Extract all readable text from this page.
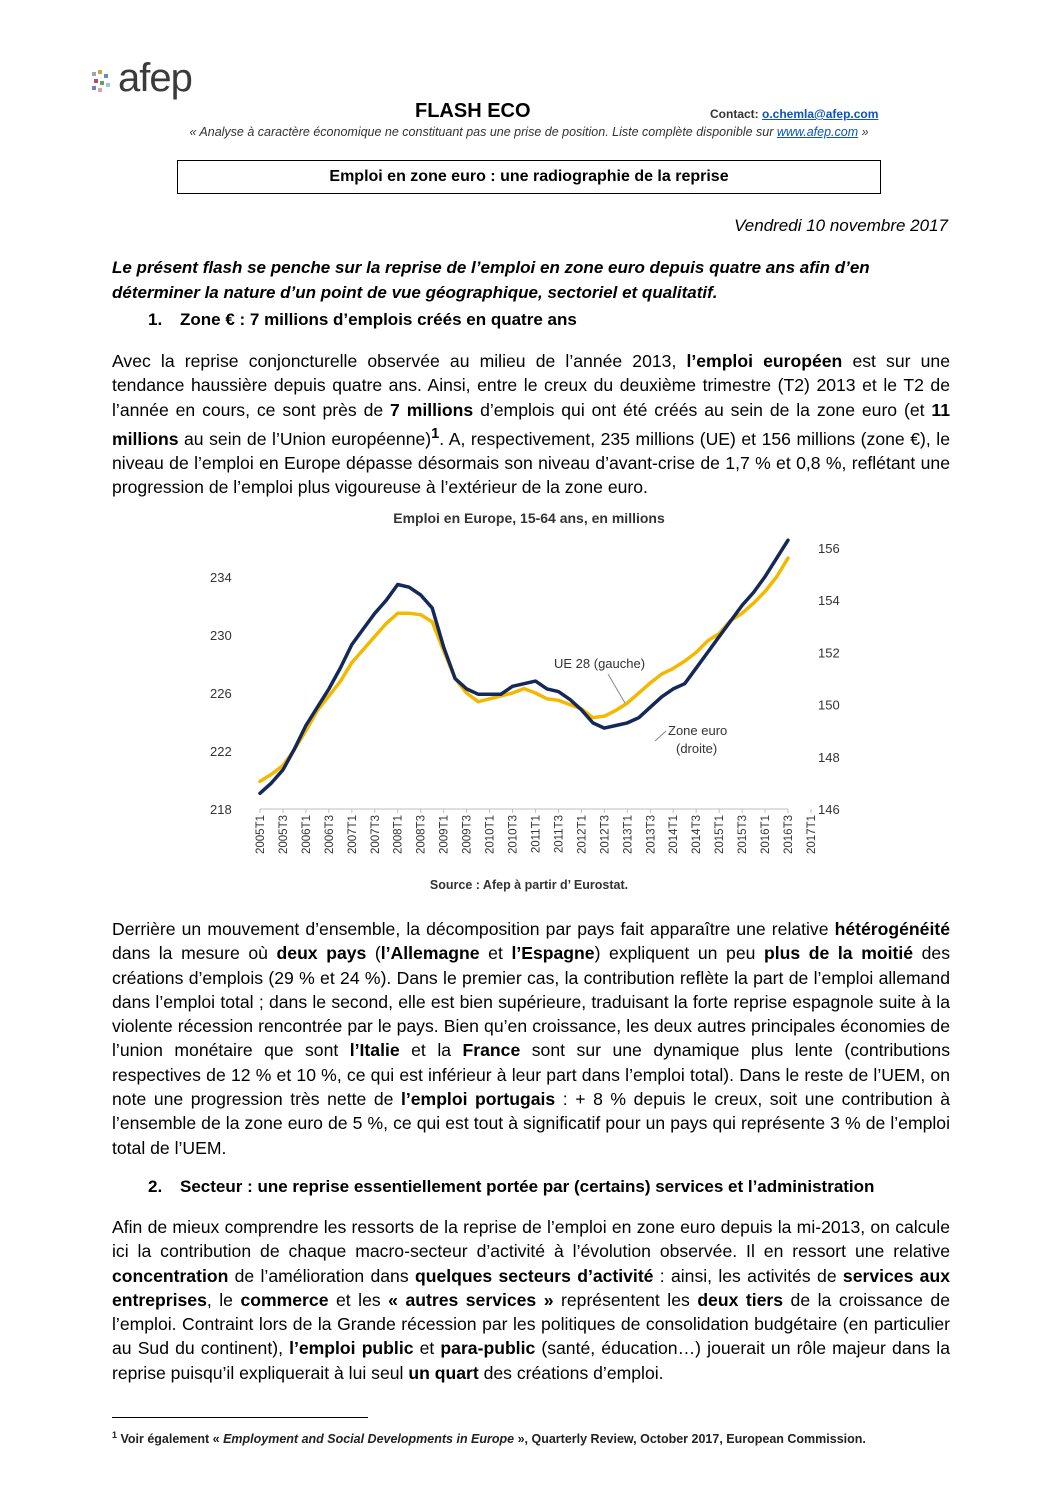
afep
FLASH ECO	Contact: o.chemla@afep.com
« Analyse à caractère économique ne constituant pas une prise de position. Liste complète disponible sur www.afep.com »
Emploi en zone euro : une radiographie de la reprise
Vendredi 10 novembre 2017
Le présent flash se penche sur la reprise de l’emploi en zone euro depuis quatre ans afin d’en déterminer la nature d’un point de vue géographique, sectoriel et qualitatif.
1. Zone € : 7 millions d’emplois créés en quatre ans
Avec la reprise conjoncturelle observée au milieu de l’année 2013, l’emploi européen est sur une tendance haussière depuis quatre ans. Ainsi, entre le creux du deuxième trimestre (T2) 2013 et le T2 de l’année en cours, ce sont près de 7 millions d’emplois qui ont été créés au sein de la zone euro (et 11 millions au sein de l’Union européenne)$^1$. A, respectivement, 235 millions (UE) et 156 millions (zone €), le niveau de l’emploi en Europe dépasse désormais son niveau d’avant-crise de 1,7 % et 0,8 %, reflétant une progression de l’emploi plus vigoureuse à l’extérieur de la zone euro.
Emploi en Europe, 15-64 ans, en millions
218
222
226
230
234
146
148
150
152
154
156
2005T1 2005T3 2006T1 2006T3 2007T1 2007T3 2008T1 2008T3 2009T1 2009T3 2010T1 2010T3 2011T1 2011T3 2012T1 2012T3 2013T1 2013T3 2014T1 2014T3 2015T1 2015T3 2016T1 2016T3 2017T1
UE 28 (gauche)
Zone euro
(droite)
Source : Afep à partir d’ Eurostat.
Derrière un mouvement d’ensemble, la décomposition par pays fait apparaître une relative hétérogénéité dans la mesure où deux pays (l’Allemagne et l’Espagne) expliquent un peu plus de la moitié des créations d’emplois (29 % et 24 %). Dans le premier cas, la contribution reflète la part de l’emploi allemand dans l’emploi total ; dans le second, elle est bien supérieure, traduisant la forte reprise espagnole suite à la violente récession rencontrée par le pays. Bien qu’en croissance, les deux autres principales économies de l’union monétaire que sont l’Italie et la France sont sur une dynamique plus lente (contributions respectives de 12 % et 10 %, ce qui est inférieur à leur part dans l’emploi total). Dans le reste de l’UEM, on note une progression très nette de l’emploi portugais : + 8 % depuis le creux, soit une contribution à l’ensemble de la zone euro de 5 %, ce qui est tout à significatif pour un pays qui représente 3 % de l’emploi total de l’UEM.
2. Secteur : une reprise essentiellement portée par (certains) services et l’administration
Afin de mieux comprendre les ressorts de la reprise de l’emploi en zone euro depuis la mi-2013, on calcule ici la contribution de chaque macro-secteur d’activité à l’évolution observée. Il en ressort une relative concentration de l’amélioration dans quelques secteurs d’activité : ainsi, les activités de services aux entreprises, le commerce et les « autres services » représentent les deux tiers de la croissance de l’emploi. Contraint lors de la Grande récession par les politiques de consolidation budgétaire (en particulier au Sud du continent), l’emploi public et para-public (santé, éducation…) jouerait un rôle majeur dans la reprise puisqu’il expliquerait à lui seul un quart des créations d’emploi.
$^1$ Voir également « Employment and Social Developments in Europe », Quarterly Review, October 2017, European Commission.
